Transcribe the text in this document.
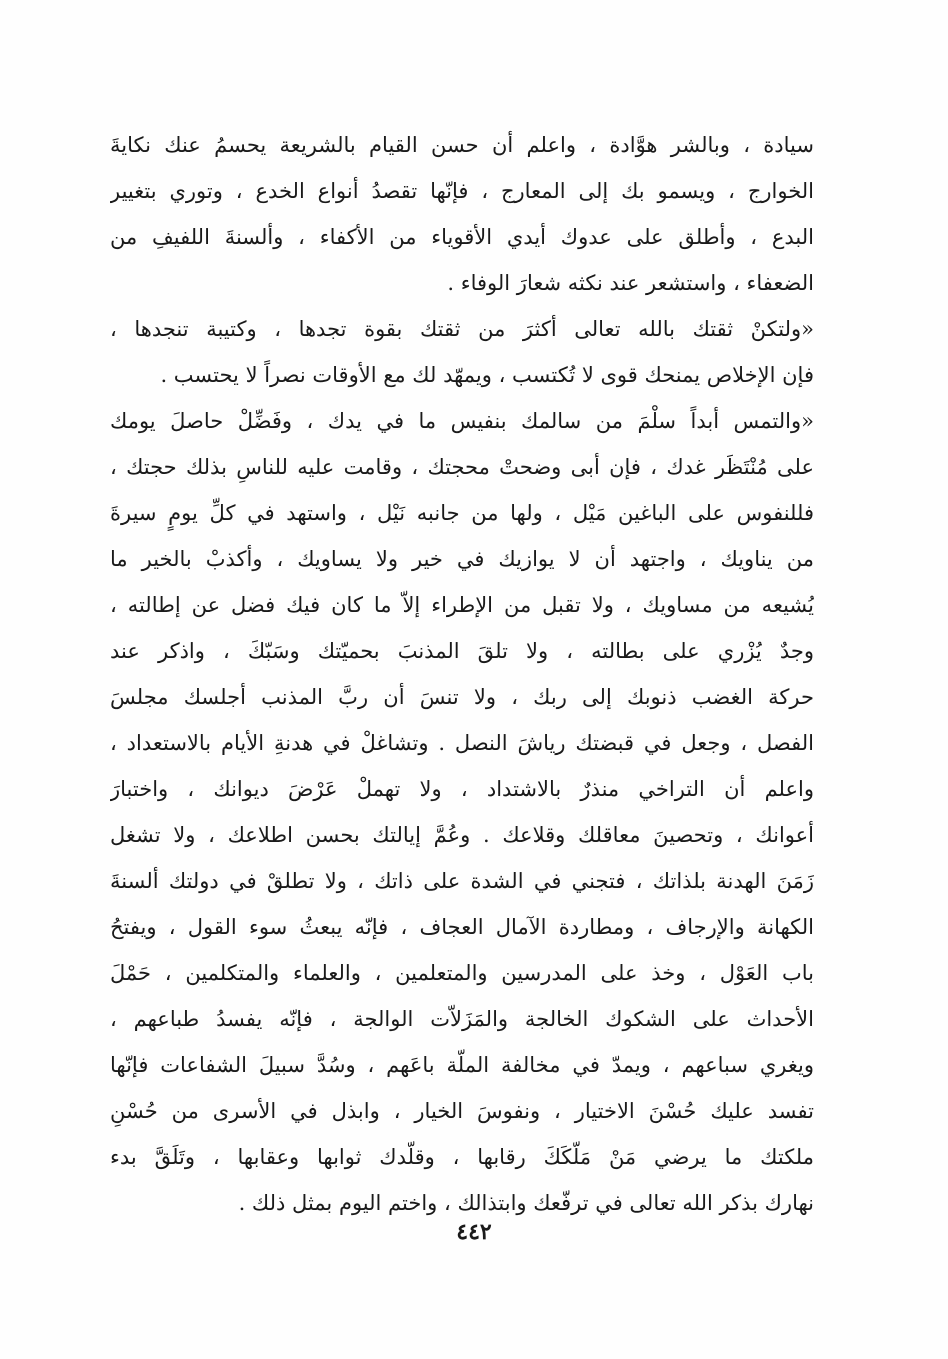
سيادة ، وبالشر هوَّادة ، واعلم أن حسن القيام بالشريعة يحسمُ عنك نكايةَ
الخوارج ، ويسمو بك إلى المعارج ، فإنّها تقصدُ أنواع الخدع ، وتوري بتغيير
البدع ، وأطلق على عدوك أيدي الأقوياء من الأكفاء ، وألسنةَ اللفيفِ من
الضعفاء ، واستشعر عند نكثه شعارَ الوفاء .
«ولتكنْ ثقتك بالله تعالى أكثرَ من ثقتك بقوة تجدها ، وكتيبة تنجدها ،
فإن الإخلاص يمنحك قوى لا تُكتسب ، ويمهّد لك مع الأوقات نصراً لا يحتسب .
«والتمس أبداً سلْمَ من سالمك بنفيس ما في يدك ، وفَضِّلْ حاصلَ يومك
على مُنْتَظَر غدك ، فإن أبى وضحتْ محجتك ، وقامت عليه للناسِ بذلك حجتك ،
فللنفوس على الباغين مَيْل ، ولها من جانبه نَيْل ، واستهد في كلِّ يومٍ سيرةَ
من يناويك ، واجتهد أن لا يوازيك في خير ولا يساويك ، وأكذبْ بالخير ما
يُشيعه من مساويك ، ولا تقبل من الإطراء إلاّ ما كان فيك فضل عن إطالته ،
وجدٌ يُزْري على بطالته ، ولا تلقَ المذنبَ بحميّتك وسَبّكَ ، واذكر عند
حركة الغضب ذنوبك إلى ربك ، ولا تنسَ أن ربَّ المذنب أجلسك مجلسَ
الفصل ، وجعل في قبضتك رياشَ النصل . وتشاغلْ في هدنةِ الأيام بالاستعداد ،
واعلم أن التراخي منذرٌ بالاشتداد ، ولا تهملْ عَرْضَ ديوانك ، واختبارَ
أعوانك ، وتحصينَ معاقلك وقلاعك . وعُمَّ إيالتك بحسن اطلاعك ، ولا تشغل
زَمَنَ الهدنة بلذاتك ، فتجني في الشدة على ذاتك ، ولا تطلقْ في دولتك ألسنةَ
الكهانة والإرجاف ، ومطاردة الآمال العجاف ، فإنّه يبعثُ سوء القول ، ويفتحُ
باب العَوْل ، وخذ على المدرسين والمتعلمين ، والعلماء والمتكلمين ، حَمْلَ
الأحداث على الشكوك الخالجة والمَزَلاّت الوالجة ، فإنّه يفسدُ طباعهم ،
ويغري سباعهم ، ويمدّ في مخالفة الملّة باعَهم ، وسُدَّ سبيلَ الشفاعات فإنّها
تفسد عليك حُسْنَ الاختيار ، ونفوسَ الخيار ، وابذل في الأسرى من حُسْنِ
ملكتك ما يرضي مَنْ مَلّكَكَ رقابها ، وقلّدك ثوابها وعقابها ، وتَلَقَّ بدء
نهارك بذكر الله تعالى في ترفّعك وابتذالك ، واختم اليوم بمثل ذلك .
٤٤٢
